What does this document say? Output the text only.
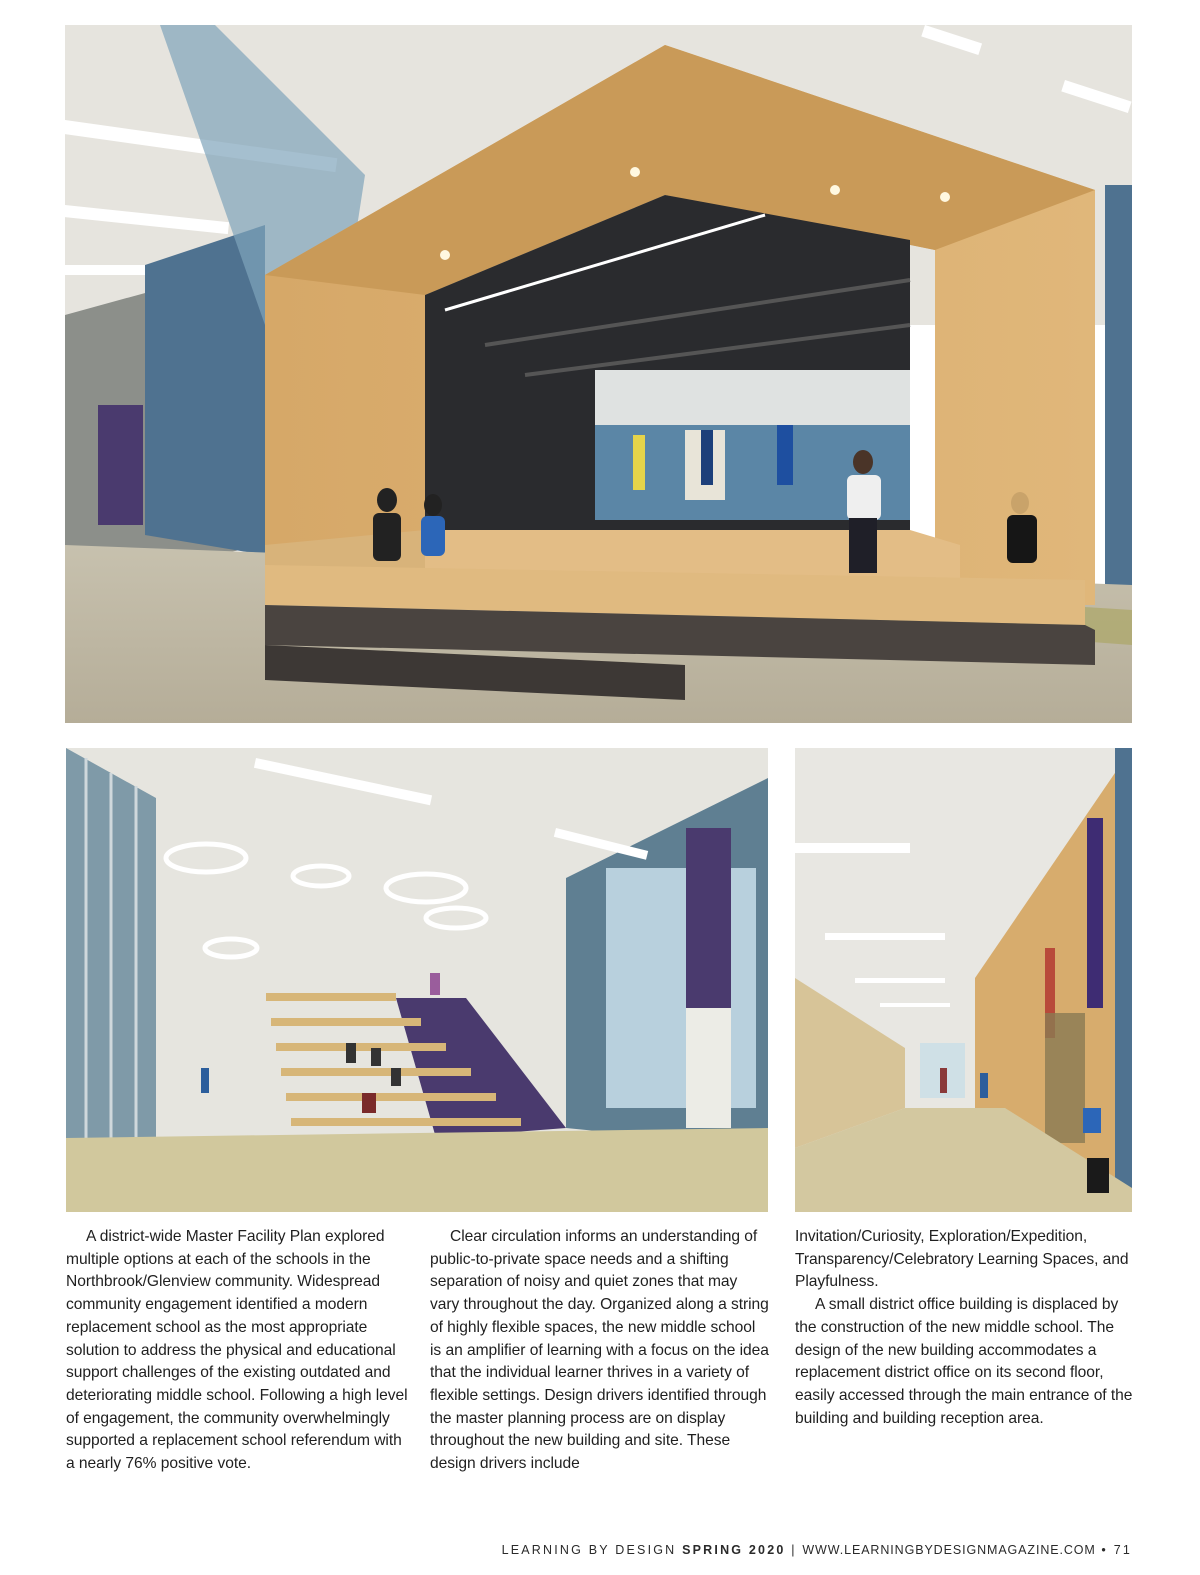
A district-wide Master Facility Plan explored multiple options at each of the schools in the Northbrook/Glenview community. Widespread community engagement identified a modern replacement school as the most appropriate solution to address the physical and educational support challenges of the existing outdated and deteriorating middle school. Following a high level of engagement, the community overwhelmingly supported a replacement school referendum with a nearly 76% positive vote.

Clear circulation informs an understanding of public-to-private space needs and a shifting separation of noisy and quiet zones that may vary throughout the day. Organized along a string of highly flexible spaces, the new middle school is an amplifier of learning with a focus on the idea that the individual learner thrives in a variety of flexible settings. Design drivers identified through the master planning process are on display throughout the new building and site. These design drivers include

Invitation/Curiosity, Exploration/Expedition, Transparency/Celebratory Learning Spaces, and Playfulness.

A small district office building is displaced by the construction of the new middle school. The design of the new building accommodates a replacement district office on its second floor, easily accessed through the main entrance of the building and building reception area.

LEARNING BY DESIGN SPRING 2020 | WWW.LEARNINGBYDESIGNMAGAZINE.COM • 71
